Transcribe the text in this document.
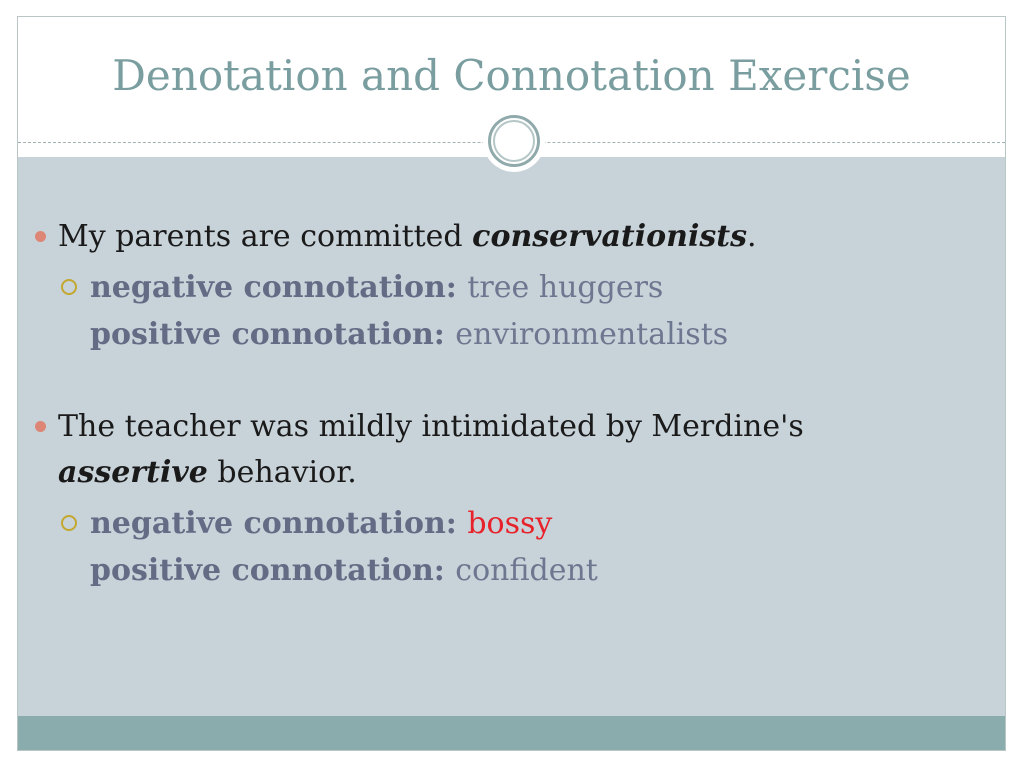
Denotation and Connotation Exercise
My parents are committed conservationists.
negative connotation: tree huggers
positive connotation: environmentalists
The teacher was mildly intimidated by Merdine's assertive behavior.
negative connotation: bossy
positive connotation: confident
